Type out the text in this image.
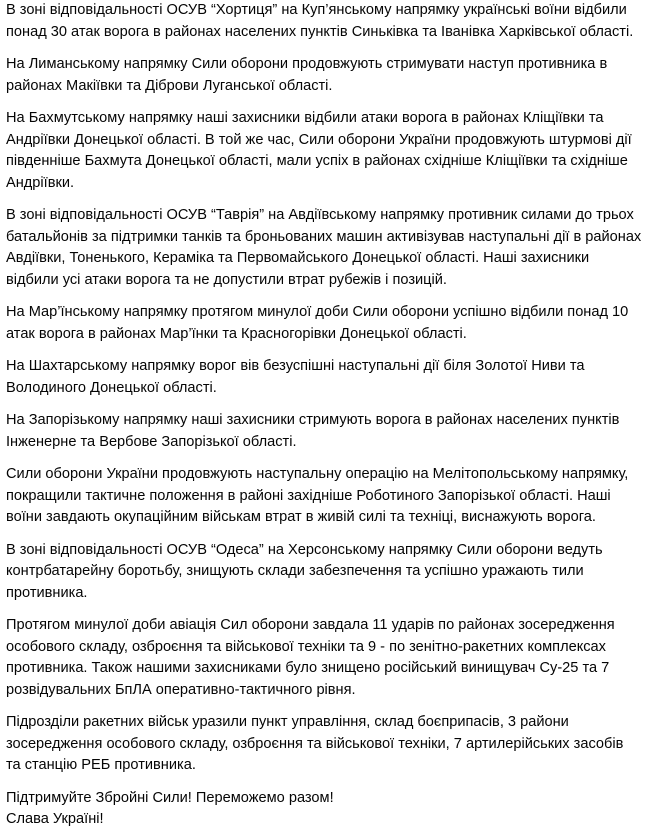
В зоні відповідальності ОСУВ “Хортиця” на Куп’янському напрямку українські воїни відбили
понад 30 атак ворога в районах населених пунктів Синьківка та Іванівка Харківської області.

На Лиманському напрямку Сили оборони продовжують стримувати наступ противника в
районах Макіївки та Діброви Луганської області.

На Бахмутському напрямку наші захисники відбили атаки ворога в районах Кліщіївки та
Андріївки Донецької області. В той же час, Сили оборони України продовжують штурмові дії
південніше Бахмута Донецької області, мали успіх в районах східніше Кліщіївки та східніше
Андріївки.

В зоні відповідальності ОСУВ “Таврія” на Авдіївському напрямку противник силами до трьох
батальйонів за підтримки танків та броньованих машин активізував наступальні дії в районах
Авдіївки, Тоненького, Кераміка та Первомайського Донецької області. Наші захисники
відбили усі атаки ворога та не допустили втрат рубежів і позицій.

На Мар’їнському напрямку протягом минулої доби Сили оборони успішно відбили понад 10
атак ворога в районах Мар’їнки та Красногорівки Донецької області.

На Шахтарському напрямку ворог вів безуспішні наступальні дії біля Золотої Ниви та
Володиного Донецької області.

На Запорізькому напрямку наші захисники стримують ворога в районах населених пунктів
Інженерне та Вербове Запорізької області.

Сили оборони України продовжують наступальну операцію на Мелітопольському напрямку,
покращили тактичне положення в районі західніше Роботиного Запорізької області. Наші
воїни завдають окупаційним військам втрат в живій силі та техніці, виснажують ворога.

В зоні відповідальності ОСУВ “Одеса” на Херсонському напрямку Сили оборони ведуть
контрбатарейну боротьбу, знищують склади забезпечення та успішно уражають тили
противника.

Протягом минулої доби авіація Сил оборони завдала 11 ударів по районах зосередження
особового складу, озброєння та військової техніки та 9 - по зенітно-ракетних комплексах
противника. Також нашими захисниками було знищено російський винищувач Су-25 та 7
розвідувальних БпЛА оперативно-тактичного рівня.

Підрозділи ракетних військ уразили пункт управління, склад боєприпасів, 3 райони
зосередження особового складу, озброєння та військової техніки, 7 артилерійських засобів
та станцію РЕБ противника.

Підтримуйте Збройні Сили! Переможемо разом!
Слава Україні!
